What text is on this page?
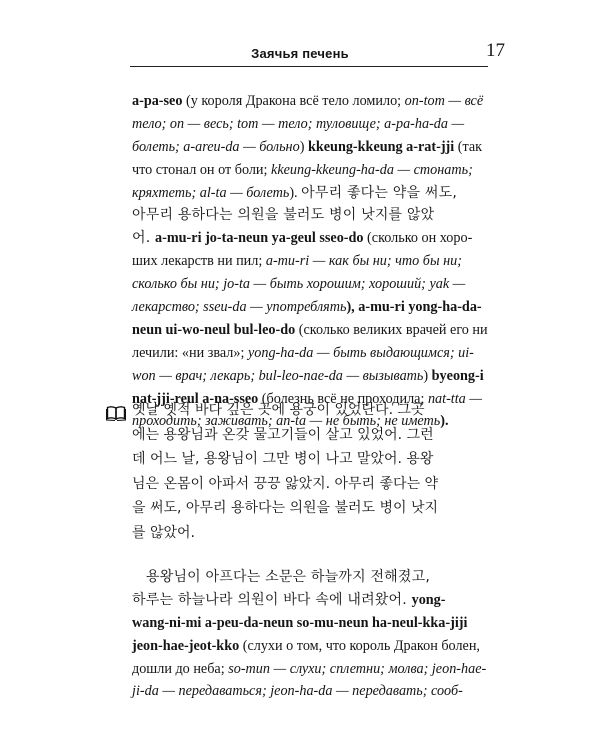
Заячья печень	17
a-pa-seo (у короля Дракона всё тело ломило; on-tom — всё
тело; on — весь; tom — тело; туловище; a-pa-ha-da —
болеть; a-areu-da — больно) kkeung-kkeung a-rat-jji (так
что стонал он от боли; kkeung-kkeung-ha-da — стонать;
кряхтеть; al-ta — болеть). 아무리 좋다는 약을 써도,
아무리 용하다는 의원을 불러도 병이 낫지를 않았
어. a-mu-ri jo-ta-neun ya-geul sseo-do (сколько он хоро-
ших лекарств ни пил; a-mu-ri — как бы ни; что бы ни;
сколько бы ни; jo-ta — быть хорошим; хороший; yak —
лекарство; sseu-da — употреблять), a-mu-ri yong-ha-da-
neun ui-wo-neul bul-leo-do (сколько великих врачей его ни
лечили: «ни звал»; yong-ha-da — быть выдающимся; ui-
won — врач; лекарь; bul-leo-nae-da — вызывать) byeong-i
nat-jji-reul a-na-sseo (болезнь всё не проходила; nat-tta —
проходить; заживать; an-ta — не быть; не иметь).
옛날 옛적 바다 깊은 곳에 용궁이 있었단다. 그곳
에는 용왕님과 온갖 물고기들이 살고 있었어. 그런
데 어느 날, 용왕님이 그만 병이 나고 말았어. 용왕
님은 온몸이 아파서 끙끙 앓았지. 아무리 좋다는 약
을 써도, 아무리 용하다는 의원을 불러도 병이 낫지
를 않았어.
용왕님이 아프다는 소문은 하늘까지 전해졌고,
하루는 하늘나라 의원이 바다 속에 내려왔어. yong-
wang-ni-mi a-peu-da-neun so-mu-neun ha-neul-kka-jiji
jeon-hae-jeot-kko (слухи о том, что король Дракон болен,
дошли до неба; so-mun — слухи; сплетни; молва; jeon-hae-
ji-da — передаваться; jeon-ha-da — передавать; сооб-
